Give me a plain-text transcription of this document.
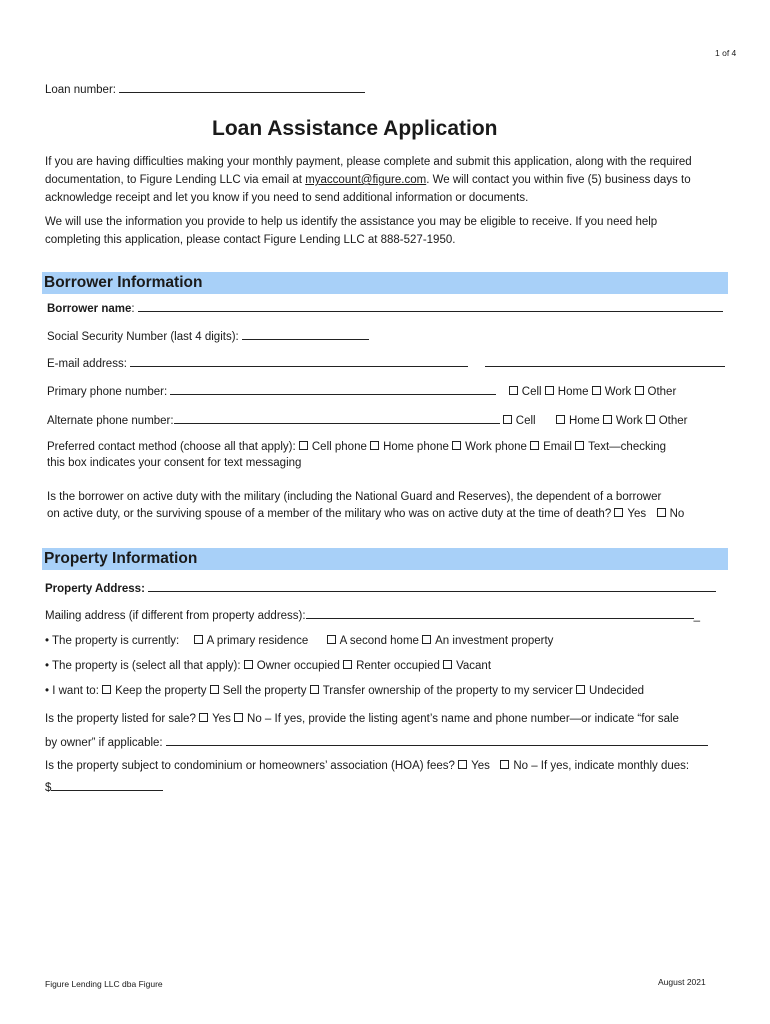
1 of 4
Loan number:
Loan Assistance Application
If you are having difficulties making your monthly payment, please complete and submit this application, along with the required documentation, to Figure Lending LLC via email at myaccount@figure.com. We will contact you within five (5) business days to acknowledge receipt and let you know if you need to send additional information or documents.
We will use the information you provide to help us identify the assistance you may be eligible to receive. If you need help completing this application, please contact Figure Lending LLC at 888-527-1950.
Borrower Information
Borrower name:
Social Security Number (last 4 digits):
E-mail address:
Primary phone number:	Cell Home Work Other
Alternate phone number:	Cell	Home Work Other
Preferred contact method (choose all that apply): Cell phone Home phone Work phone Email Text—checking
this box indicates your consent for text messaging
Is the borrower on active duty with the military (including the National Guard and Reserves), the dependent of a borrower
on active duty, or the surviving spouse of a member of the military who was on active duty at the time of death? Yes No
Property Information
Property Address:
Mailing address (if different from property address):	_
• The property is currently: A primary residence	A second home An investment property
• The property is (select all that apply): Owner occupied Renter occupied Vacant
• I want to: Keep the property Sell the property Transfer ownership of the property to my servicer Undecided
Is the property listed for sale? Yes No – If yes, provide the listing agent’s name and phone number—or indicate “for sale
by owner” if applicable:
Is the property subject to condominium or homeowners’ association (HOA) fees? Yes No – If yes, indicate monthly dues:
$
Figure Lending LLC dba Figure	August 2021
